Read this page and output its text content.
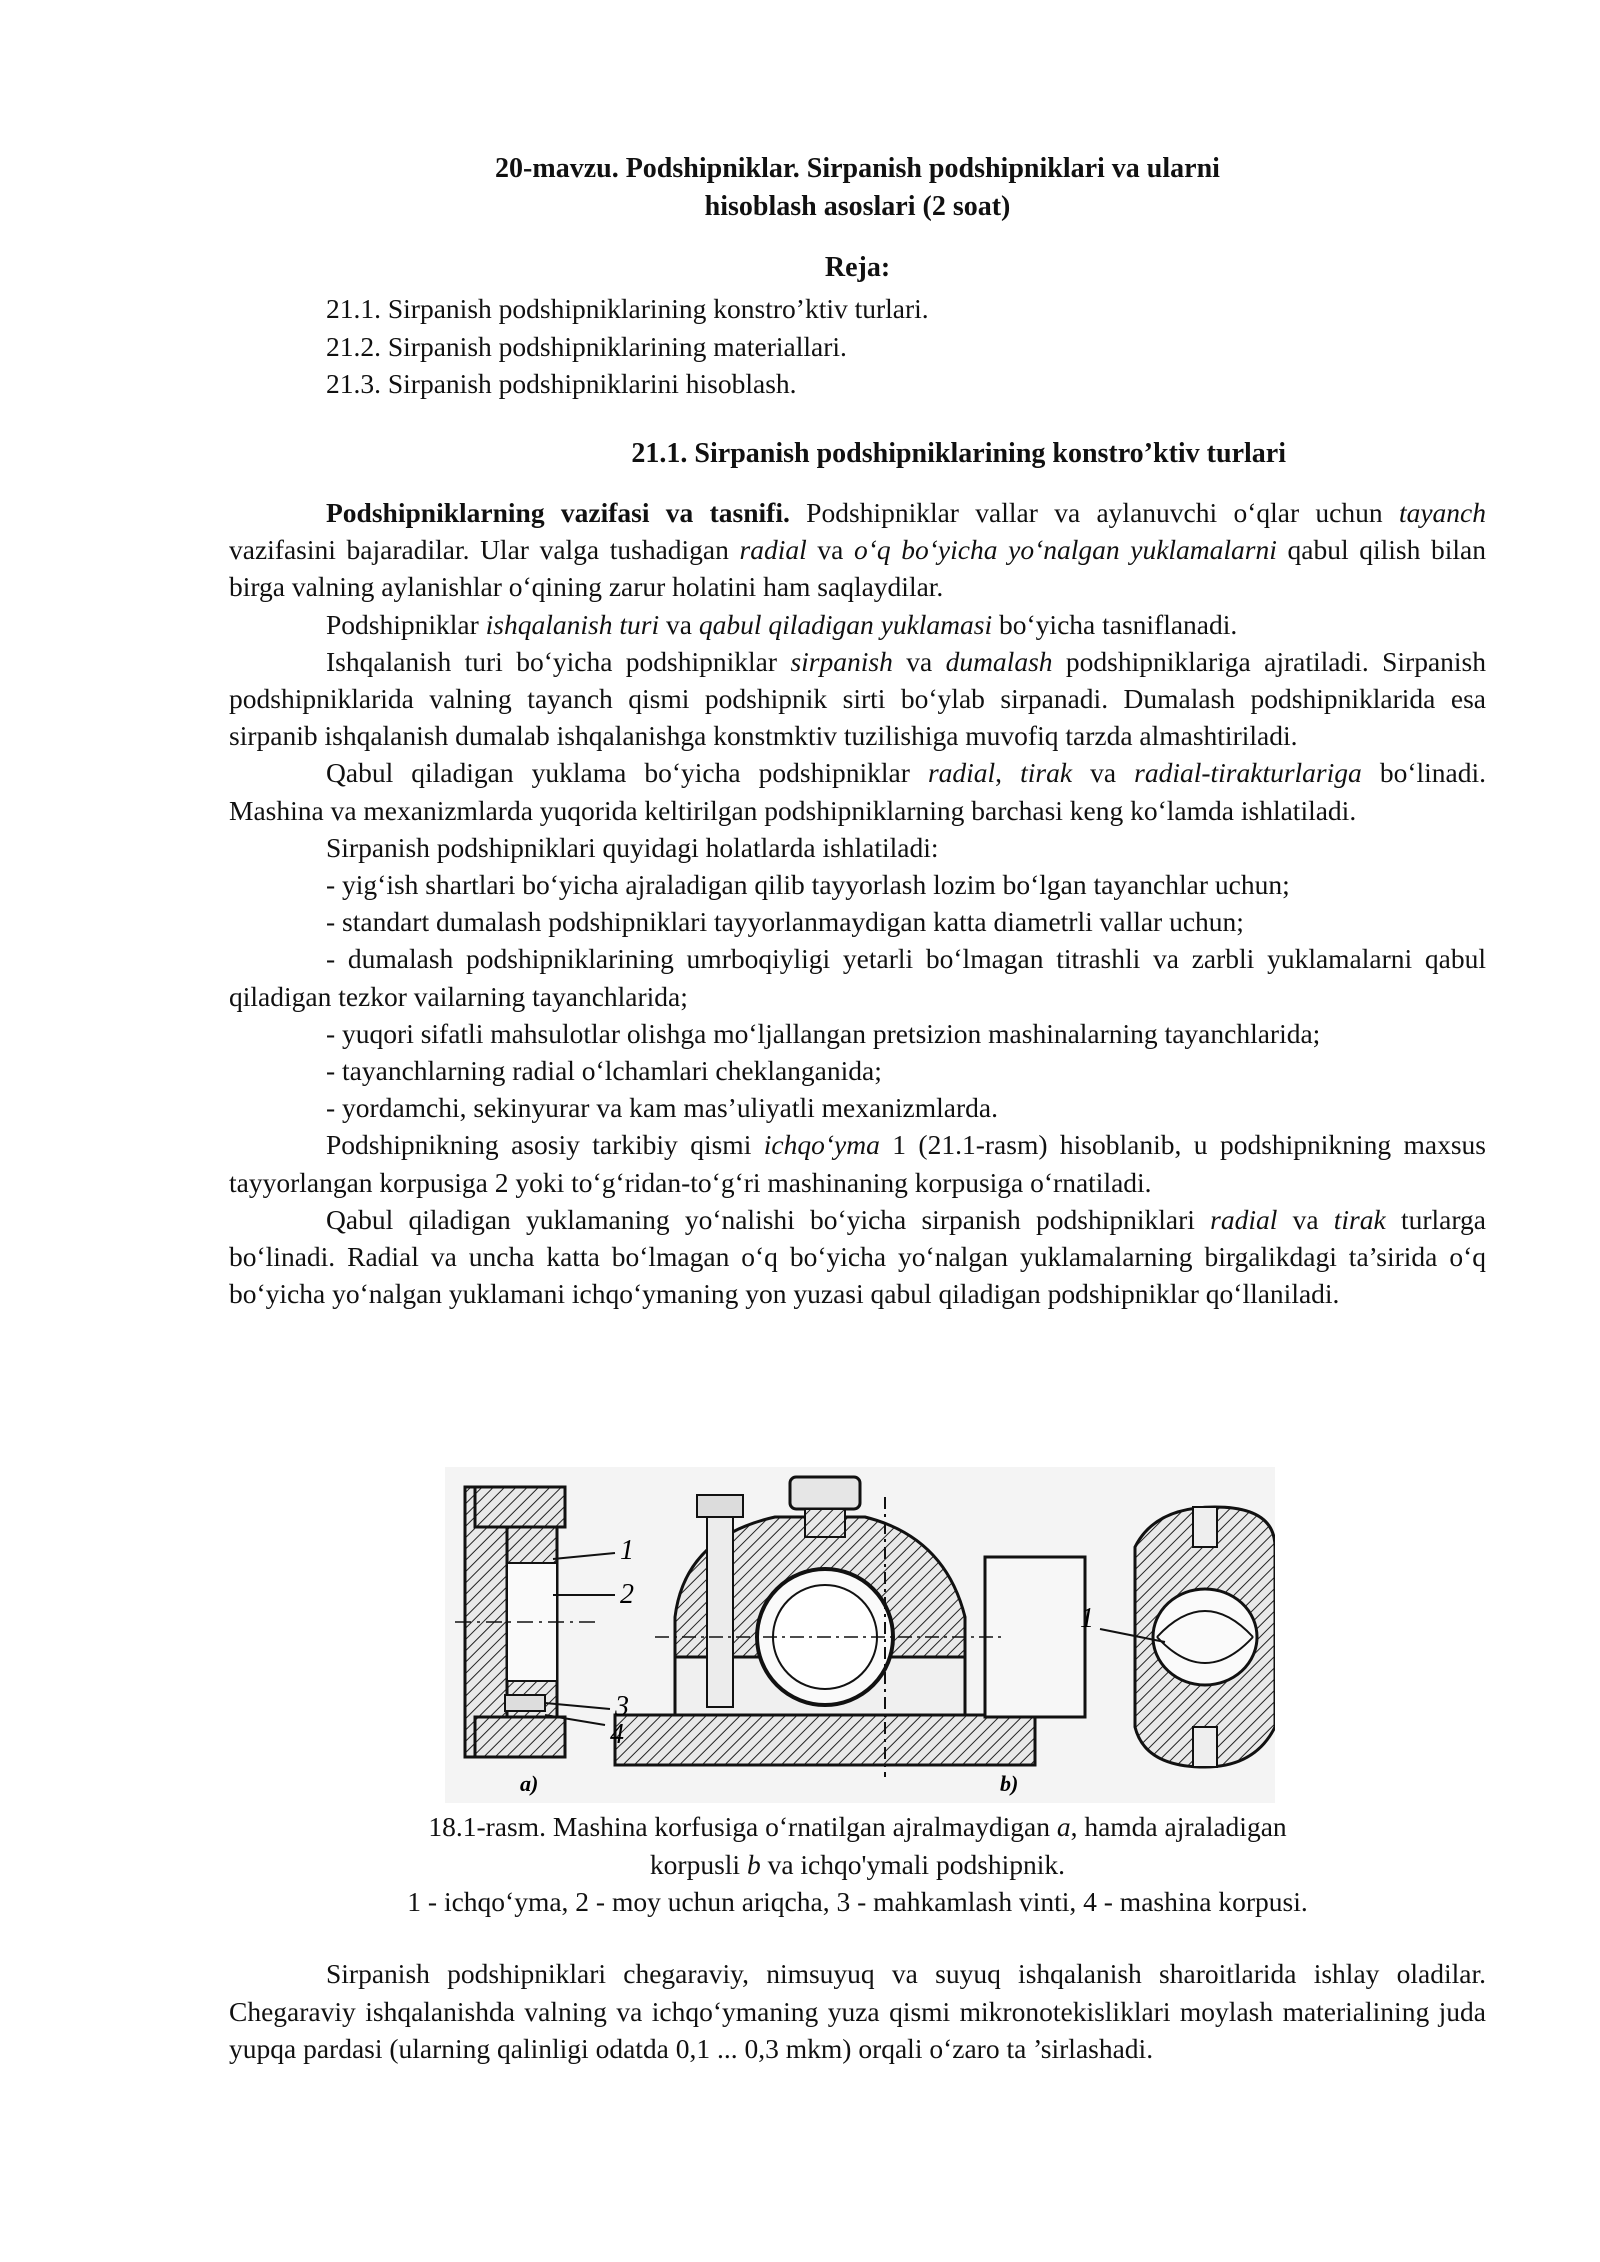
20-mavzu. Podshipniklar. Sirpanish podshipniklari va ularni
hisoblash asoslari (2 soat)
Reja:
21.1. Sirpanish podshipniklarining konstro’ktiv turlari.
21.2. Sirpanish podshipniklarining materiallari.
21.3. Sirpanish podshipniklarini hisoblash.
21.1. Sirpanish podshipniklarining konstro’ktiv turlari

Podshipniklarning vazifasi va tasnifi. Podshipniklar vallar va aylanuvchi o‘qlar uchun tayanch vazifasini bajaradilar. Ular valga tushadigan radial va o‘q bo‘yicha yo‘nalgan yuklamalarni qabul qilish bilan birga valning aylanishlar o‘qining zarur holatini ham saqlaydilar.

Podshipniklar ishqalanish turi va qabul qiladigan yuklamasi bo‘yicha tasniflanadi.

Ishqalanish turi bo‘yicha podshipniklar sirpanish va dumalash podshipniklariga ajratiladi. Sirpanish podshipniklarida valning tayanch qismi podshipnik sirti bo‘ylab sirpanadi. Dumalash podshipniklarida esa sirpanib ishqalanish dumalab ishqalanishga konstmktiv tuzilishiga muvofiq tarzda almashtiriladi.

Qabul qiladigan yuklama bo‘yicha podshipniklar radial, tirak va radial-tirakturlariga bo‘linadi. Mashina va mexanizmlarda yuqorida keltirilgan podshipniklarning barchasi keng ko‘lamda ishlatiladi.

Sirpanish podshipniklari quyidagi holatlarda ishlatiladi:

- yig‘ish shartlari bo‘yicha ajraladigan qilib tayyorlash lozim bo‘lgan tayanchlar uchun;

- standart dumalash podshipniklari tayyorlanmaydigan katta diametrli vallar uchun;

- dumalash podshipniklarining umrboqiyligi yetarli bo‘lmagan titrashli va zarbli yuklamalarni qabul qiladigan tezkor vailarning tayanchlarida;

- yuqori sifatli mahsulotlar olishga mo‘ljallangan pretsizion mashinalarning tayanchlarida;

- tayanchlarning radial o‘lchamlari cheklanganida;

- yordamchi, sekinyurar va kam mas’uliyatli mexanizmlarda.

Podshipnikning asosiy tarkibiy qismi ichqo‘yma 1 (21.1-rasm) hisoblanib, u podshipnikning maxsus tayyorlangan korpusiga 2 yoki to‘g‘ridan-to‘g‘ri mashinaning korpusiga o‘rnatiladi.

Qabul qiladigan yuklamaning yo‘nalishi bo‘yicha sirpanish podshipniklari radial va tirak turlarga bo‘linadi. Radial va uncha katta bo‘lmagan o‘q bo‘yicha yo‘nalgan yuklamalarning birgalikdagi ta’sirida o‘q bo‘yicha yo‘nalgan yuklamani ichqo‘ymaning yon yuzasi qabul qiladigan podshipniklar qo‘llaniladi.

1
2
3
4
a)	b)
1
18.1-rasm. Mashina korfusiga o‘rnatilgan ajralmaydigan a, hamda ajraladigan
korpusli b va ichqo'ymali podshipnik.
1 - ichqo‘yma, 2 - moy uchun ariqcha, 3 - mahkamlash vinti, 4 - mashina korpusi.

Sirpanish podshipniklari chegaraviy, nimsuyuq va suyuq ishqalanish sharoitlarida ishlay oladilar. Chegaraviy ishqalanishda valning va ichqo‘ymaning yuza qismi mikronotekisliklari moylash materialining juda yupqa pardasi (ularning qalinligi odatda 0,1 ... 0,3 mkm) orqali o‘zaro ta ’sirlashadi.
